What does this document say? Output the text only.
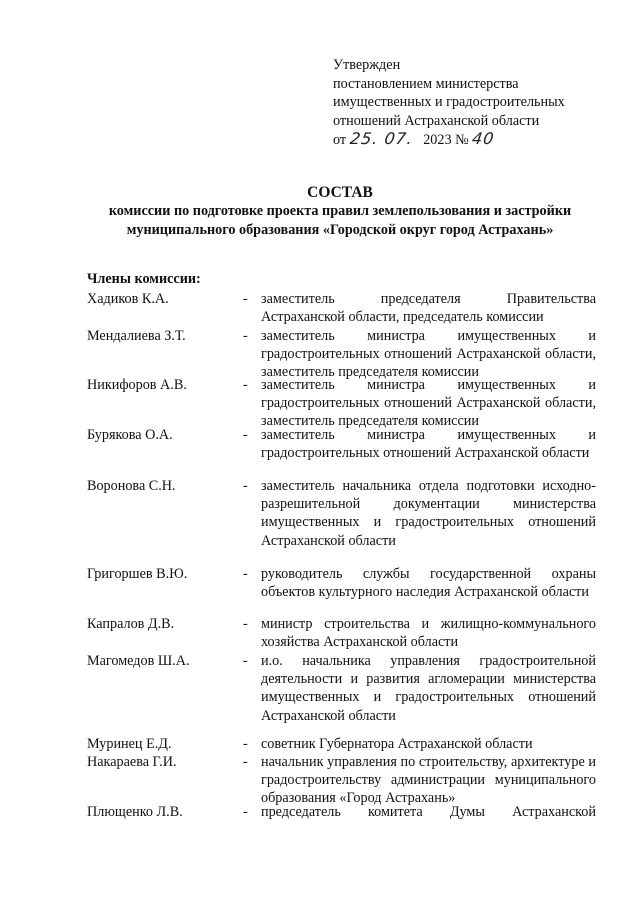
Утвержден
постановлением министерства
имущественных и градостроительных
отношений Астраханской области
от 25. 07. 2023 № 40
СОСТАВ
комиссии по подготовке проекта правил землепользования и застройки муниципального образования «Городской округ город Астрахань»
Члены комиссии:
Хадиков К.А.	- заместитель председателя Правительства Астраханской области, председатель комиссии
Мендалиева З.Т.	- заместитель министра имущественных и градостроительных отношений Астраханской области, заместитель председателя комиссии
Никифоров А.В.	- заместитель министра имущественных и градостроительных отношений Астраханской области, заместитель председателя комиссии
Бурякова О.А.	- заместитель министра имущественных и градостроительных отношений Астраханской области
Воронова С.Н.	- заместитель начальника отдела подготовки исходно-разрешительной документации министерства имущественных и градостроительных отношений Астраханской области
Григоршев В.Ю.	- руководитель службы государственной охраны объектов культурного наследия Астраханской области
Капралов Д.В.	- министр строительства и жилищно-коммунального хозяйства Астраханской области
Магомедов Ш.А.	- и.о. начальника управления градостроительной деятельности и развития агломерации министерства имущественных и градостроительных отношений Астраханской области
Муринец Е.Д.	- советник Губернатора Астраханской области
Накараева Г.И.	- начальник управления по строительству, архитектуре и градостроительству администрации муниципального образования «Город Астрахань»
Плющенко Л.В.	- председатель комитета Думы Астраханской
